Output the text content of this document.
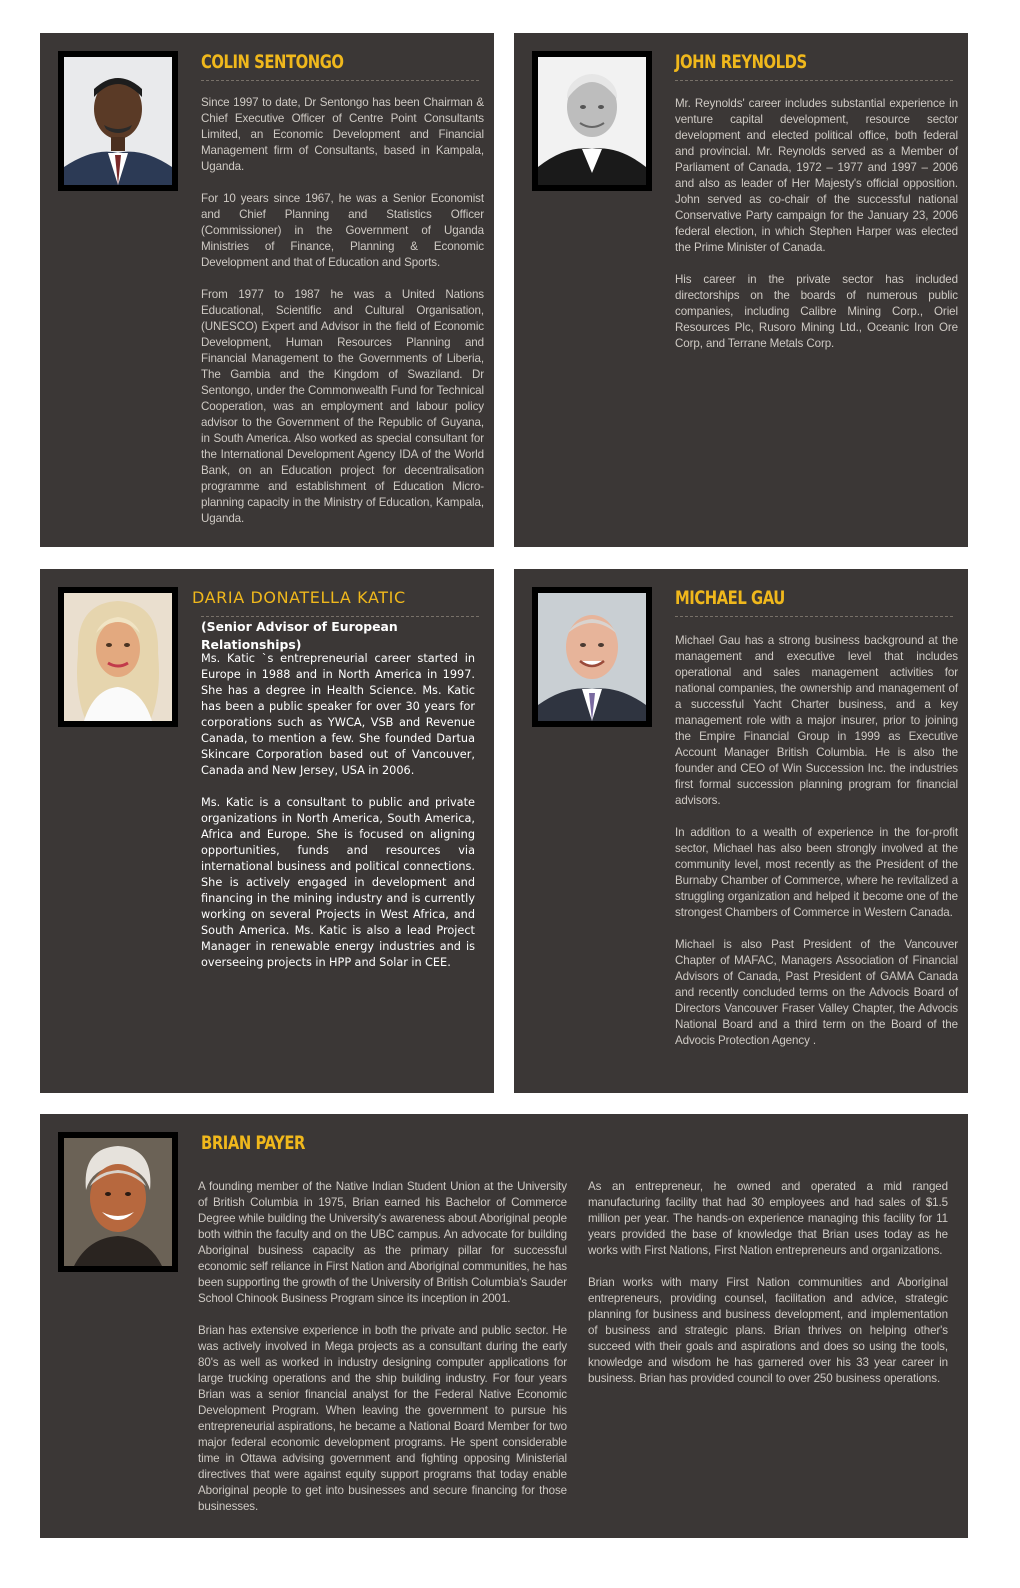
COLIN SENTONGO

Since 1997 to date, Dr Sentongo has been Chairman & Chief Executive Officer of Centre Point Consultants Limited, an Economic Development and Financial Management firm of Consultants, based in Kampala, Uganda.

For 10 years since 1967, he was a Senior Economist and Chief Planning and Statistics Officer (Commissioner) in the Government of Uganda Ministries of Finance, Planning & Economic Development and that of Education and Sports.

From 1977 to 1987 he was a United Nations Educational, Scientific and Cultural Organisation, (UNESCO) Expert and Advisor in the field of Economic Development, Human Resources Planning and Financial Management to the Governments of Liberia, The Gambia and the Kingdom of Swaziland. Dr Sentongo, under the Commonwealth Fund for Technical Cooperation, was an employment and labour policy advisor to the Government of the Republic of Guyana, in South America. Also worked as special consultant for the International Development Agency IDA of the World Bank, on an Education project for decentralisation programme and establishment of Education Micro-planning capacity in the Ministry of Education, Kampala, Uganda.

JOHN REYNOLDS

Mr. Reynolds' career includes substantial experience in venture capital development, resource sector development and elected political office, both federal and provincial. Mr. Reynolds served as a Member of Parliament of Canada, 1972 – 1977 and 1997 – 2006 and also as leader of Her Majesty's official opposition. John served as co-chair of the successful national Conservative Party campaign for the January 23, 2006 federal election, in which Stephen Harper was elected the Prime Minister of Canada.

His career in the private sector has included directorships on the boards of numerous public companies, including Calibre Mining Corp., Oriel Resources Plc, Rusoro Mining Ltd., Oceanic Iron Ore Corp, and Terrane Metals Corp.

DARIA DONATELLA KATIC
(Senior Advisor of European Relationships)

Ms. Katic `s entrepreneurial career started in Europe in 1988 and in North America in 1997. She has a degree in Health Science. Ms. Katic has been a public speaker for over 30 years for corporations such as YWCA, VSB and Revenue Canada, to mention a few. She founded Dartua Skincare Corporation based out of Vancouver, Canada and New Jersey, USA in 2006.

Ms. Katic is a consultant to public and private organizations in North America, South America, Africa and Europe. She is focused on aligning opportunities, funds and resources via international business and political connections. She is actively engaged in development and financing in the mining industry and is currently working on several Projects in West Africa, and South America. Ms. Katic is also a lead Project Manager in renewable energy industries and is overseeing projects in HPP and Solar in CEE.

MICHAEL GAU

Michael Gau has a strong business background at the management and executive level that includes operational and sales management activities for national companies, the ownership and management of a successful Yacht Charter business, and a key management role with a major insurer, prior to joining the Empire Financial Group in 1999 as Executive Account Manager British Columbia. He is also the founder and CEO of Win Succession Inc. the industries first formal succession planning program for financial advisors.

In addition to a wealth of experience in the for-profit sector, Michael has also been strongly involved at the community level, most recently as the President of the Burnaby Chamber of Commerce, where he revitalized a struggling organization and helped it become one of the strongest Chambers of Commerce in Western Canada.

Michael is also Past President of the Vancouver Chapter of MAFAC, Managers Association of Financial Advisors of Canada, Past President of GAMA Canada and recently concluded terms on the Advocis Board of Directors Vancouver Fraser Valley Chapter, the Advocis National Board and a third term on the Board of the Advocis Protection Agency .

BRIAN PAYER

A founding member of the Native Indian Student Union at the University of British Columbia in 1975, Brian earned his Bachelor of Commerce Degree while building the University's awareness about Aboriginal people both within the faculty and on the UBC campus. An advocate for building Aboriginal business capacity as the primary pillar for successful economic self reliance in First Nation and Aboriginal communities, he has been supporting the growth of the University of British Columbia's Sauder School Chinook Business Program since its inception in 2001.

Brian has extensive experience in both the private and public sector. He was actively involved in Mega projects as a consultant during the early 80's as well as worked in industry designing computer applications for large trucking operations and the ship building industry. For four years Brian was a senior financial analyst for the Federal Native Economic Development Program. When leaving the government to pursue his entrepreneurial aspirations, he became a National Board Member for two major federal economic development programs. He spent considerable time in Ottawa advising government and fighting opposing Ministerial directives that were against equity support programs that today enable Aboriginal people to get into businesses and secure financing for those businesses.

As an entrepreneur, he owned and operated a mid ranged manufacturing facility that had 30 employees and had sales of $1.5 million per year. The hands-on experience managing this facility for 11 years provided the base of knowledge that Brian uses today as he works with First Nations, First Nation entrepreneurs and organizations.

Brian works with many First Nation communities and Aboriginal entrepreneurs, providing counsel, facilitation and advice, strategic planning for business and business development, and implementation of business and strategic plans. Brian thrives on helping other's succeed with their goals and aspirations and does so using the tools, knowledge and wisdom he has garnered over his 33 year career in business. Brian has provided council to over 250 business operations.
